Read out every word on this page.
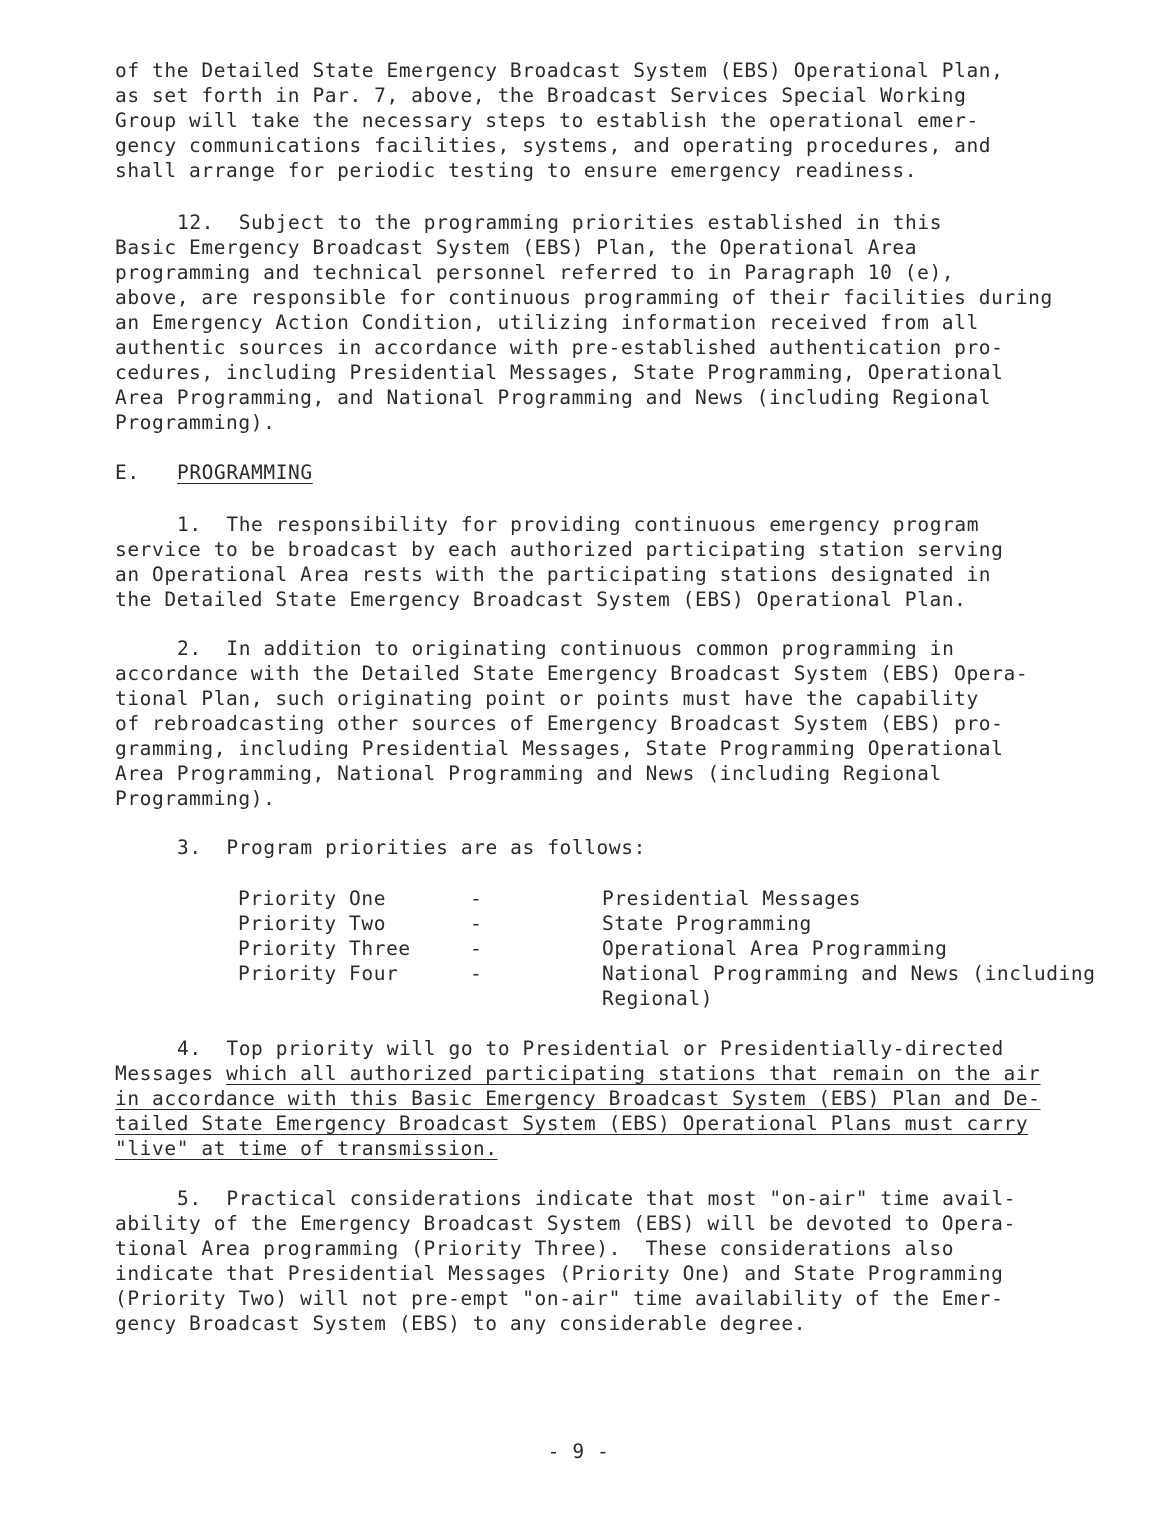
of the Detailed State Emergency Broadcast System (EBS) Operational Plan,
as set forth in Par. 7, above, the Broadcast Services Special Working
Group will take the necessary steps to establish the operational emer-
gency communications facilities, systems, and operating procedures, and
shall arrange for periodic testing to ensure emergency readiness.
12.  Subject to the programming priorities established in this
Basic Emergency Broadcast System (EBS) Plan, the Operational Area
programming and technical personnel referred to in Paragraph 10 (e),
above, are responsible for continuous programming of their facilities during
an Emergency Action Condition, utilizing information received from all
authentic sources in accordance with pre-established authentication pro-
cedures, including Presidential Messages, State Programming, Operational
Area Programming, and National Programming and News (including Regional
Programming).
E. PROGRAMMING
1.  The responsibility for providing continuous emergency program
service to be broadcast by each authorized participating station serving
an Operational Area rests with the participating stations designated in
the Detailed State Emergency Broadcast System (EBS) Operational Plan.
2.  In addition to originating continuous common programming in
accordance with the Detailed State Emergency Broadcast System (EBS) Opera-
tional Plan, such originating point or points must have the capability
of rebroadcasting other sources of Emergency Broadcast System (EBS) pro-
gramming, including Presidential Messages, State Programming Operational
Area Programming, National Programming and News (including Regional
Programming).
3.  Program priorities are as follows:
Priority One	-	Presidential Messages
Priority Two	-	State Programming
Priority Three	-	Operational Area Programming
Priority Four	-	National Programming and News (including
		Regional)
4.  Top priority will go to Presidential or Presidentially-directed
Messages which all authorized participating stations that remain on the air
in accordance with this Basic Emergency Broadcast System (EBS) Plan and De-
tailed State Emergency Broadcast System (EBS) Operational Plans must carry
"live" at time of transmission.
5.  Practical considerations indicate that most "on-air" time avail-
ability of the Emergency Broadcast System (EBS) will be devoted to Opera-
tional Area programming (Priority Three).  These considerations also
indicate that Presidential Messages (Priority One) and State Programming
(Priority Two) will not pre-empt "on-air" time availability of the Emer-
gency Broadcast System (EBS) to any considerable degree.
- 9 -
